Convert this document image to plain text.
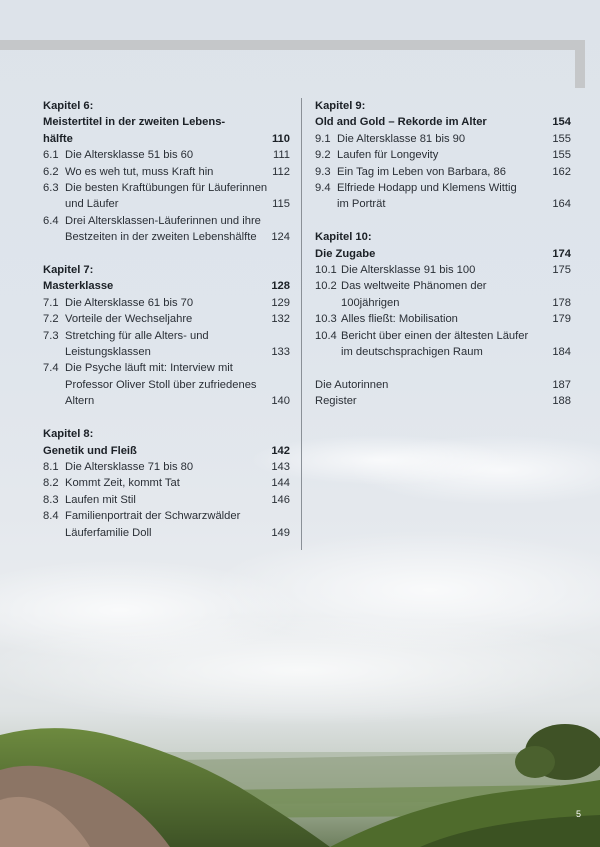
Kapitel 6:
Meistertitel in der zweiten Lebens-
hälfte	110
6.1 Die Altersklasse 51 bis 60	111
6.2 Wo es weh tut, muss Kraft hin	112
6.3 Die besten Kraftübungen für Läuferinnen
und Läufer	115
6.4 Drei Altersklassen-Läuferinnen und ihre
Bestzeiten in der zweiten Lebenshälfte	124
Kapitel 7:
Masterklasse	128
7.1 Die Altersklasse 61 bis 70	129
7.2 Vorteile der Wechseljahre	132
7.3 Stretching für alle Alters- und
Leistungsklassen	133
7.4 Die Psyche läuft mit: Interview mit
Professor Oliver Stoll über zufriedenes
Altern	140
Kapitel 8:
Genetik und Fleiß	142
8.1 Die Altersklasse 71 bis 80	143
8.2 Kommt Zeit, kommt Tat	144
8.3 Laufen mit Stil	146
8.4 Familienportrait der Schwarzwälder
Läuferfamilie Doll	149
Kapitel 9:
Old and Gold – Rekorde im Alter	154
9.1 Die Altersklasse 81 bis 90	155
9.2 Laufen für Longevity	155
9.3 Ein Tag im Leben von Barbara, 86	162
9.4 Elfriede Hodapp und Klemens Wittig
im Porträt	164
Kapitel 10:
Die Zugabe	174
10.1 Die Altersklasse 91 bis 100	175
10.2 Das weltweite Phänomen der
100jährigen	178
10.3 Alles fließt: Mobilisation	179
10.4 Bericht über einen der ältesten Läufer
im deutschsprachigen Raum	184
Die Autorinnen	187
Register	188
5
